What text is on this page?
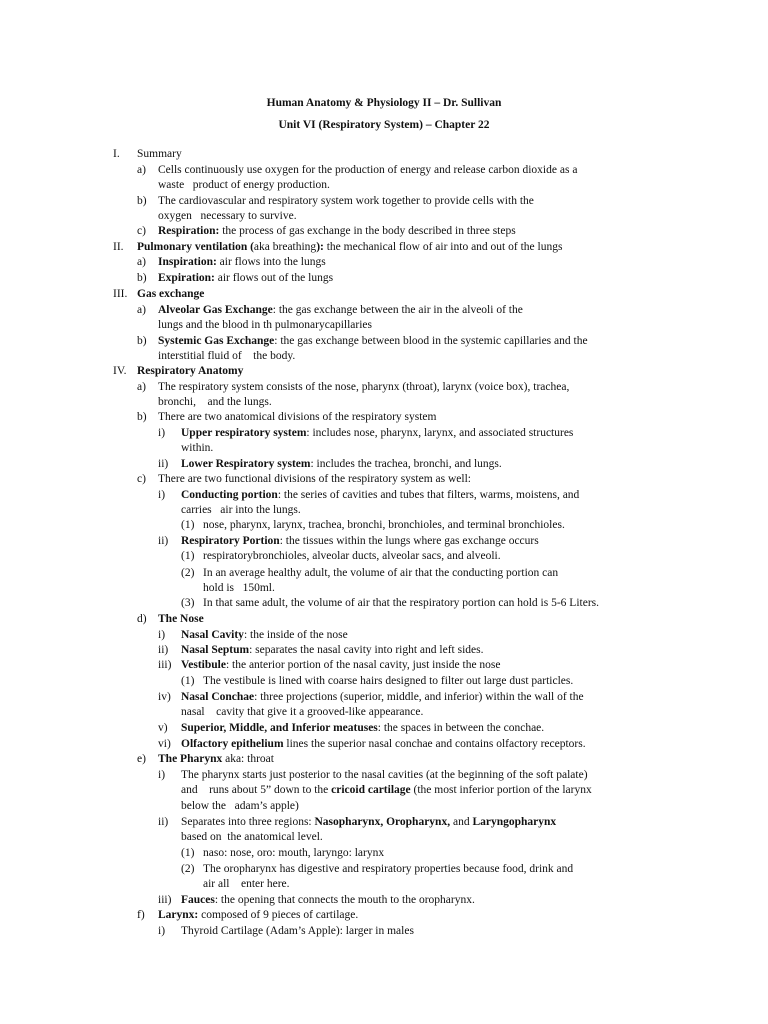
Human Anatomy & Physiology II – Dr. Sullivan
Unit VI (Respiratory System) – Chapter 22
I. Summary
a) Cells continuously use oxygen for the production of energy and release carbon dioxide as a
waste   product of energy production.
b) The cardiovascular and respiratory system work together to provide cells with the
oxygen   necessary to survive.
c) Respiration: the process of gas exchange in the body described in three steps
II. Pulmonary ventilation (aka breathing): the mechanical flow of air into and out of the lungs
a) Inspiration: air flows into the lungs
b) Expiration: air flows out of the lungs
III. Gas exchange
a) Alveolar Gas Exchange: the gas exchange between the air in the alveoli of the
lungs and the blood in th pulmonarycapillaries
b) Systemic Gas Exchange: the gas exchange between blood in the systemic capillaries and the
interstitial fluid of    the body.
IV. Respiratory Anatomy
a) The respiratory system consists of the nose, pharynx (throat), larynx (voice box), trachea,
bronchi,    and the lungs.
b) There are two anatomical divisions of the respiratory system
i) Upper respiratory system: includes nose, pharynx, larynx, and associated structures
within.
ii) Lower Respiratory system: includes the trachea, bronchi, and lungs.
c) There are two functional divisions of the respiratory system as well:
i) Conducting portion: the series of cavities and tubes that filters, warms, moistens, and
carries   air into the lungs.
(1) nose, pharynx, larynx, trachea, bronchi, bronchioles, and terminal bronchioles.
ii) Respiratory Portion: the tissues within the lungs where gas exchange occurs
(1) respiratorybronchioles, alveolar ducts, alveolar sacs, and alveoli.
(2) In an average healthy adult, the volume of air that the conducting portion can
hold is   150ml.
(3) In that same adult, the volume of air that the respiratory portion can hold is 5-6 Liters.
d) The Nose
i) Nasal Cavity: the inside of the nose
ii) Nasal Septum: separates the nasal cavity into right and left sides.
iii) Vestibule: the anterior portion of the nasal cavity, just inside the nose
(1) The vestibule is lined with coarse hairs designed to filter out large dust particles.
iv) Nasal Conchae: three projections (superior, middle, and inferior) within the wall of the
nasal    cavity that give it a grooved-like appearance.
v) Superior, Middle, and Inferior meatuses: the spaces in between the conchae.
vi) Olfactory epithelium lines the superior nasal conchae and contains olfactory receptors.
e) The Pharynx aka: throat
i) The pharynx starts just posterior to the nasal cavities (at the beginning of the soft palate)
and    runs about 5” down to the cricoid cartilage (the most inferior portion of the larynx
below the   adam’s apple)
ii) Separates into three regions: Nasopharynx, Oropharynx, and Laryngopharynx
based on  the anatomical level.
(1) naso: nose, oro: mouth, laryngo: larynx
(2) The oropharynx has digestive and respiratory properties because food, drink and
air all    enter here.
iii) Fauces: the opening that connects the mouth to the oropharynx.
f) Larynx: composed of 9 pieces of cartilage.
i) Thyroid Cartilage (Adam’s Apple): larger in males
